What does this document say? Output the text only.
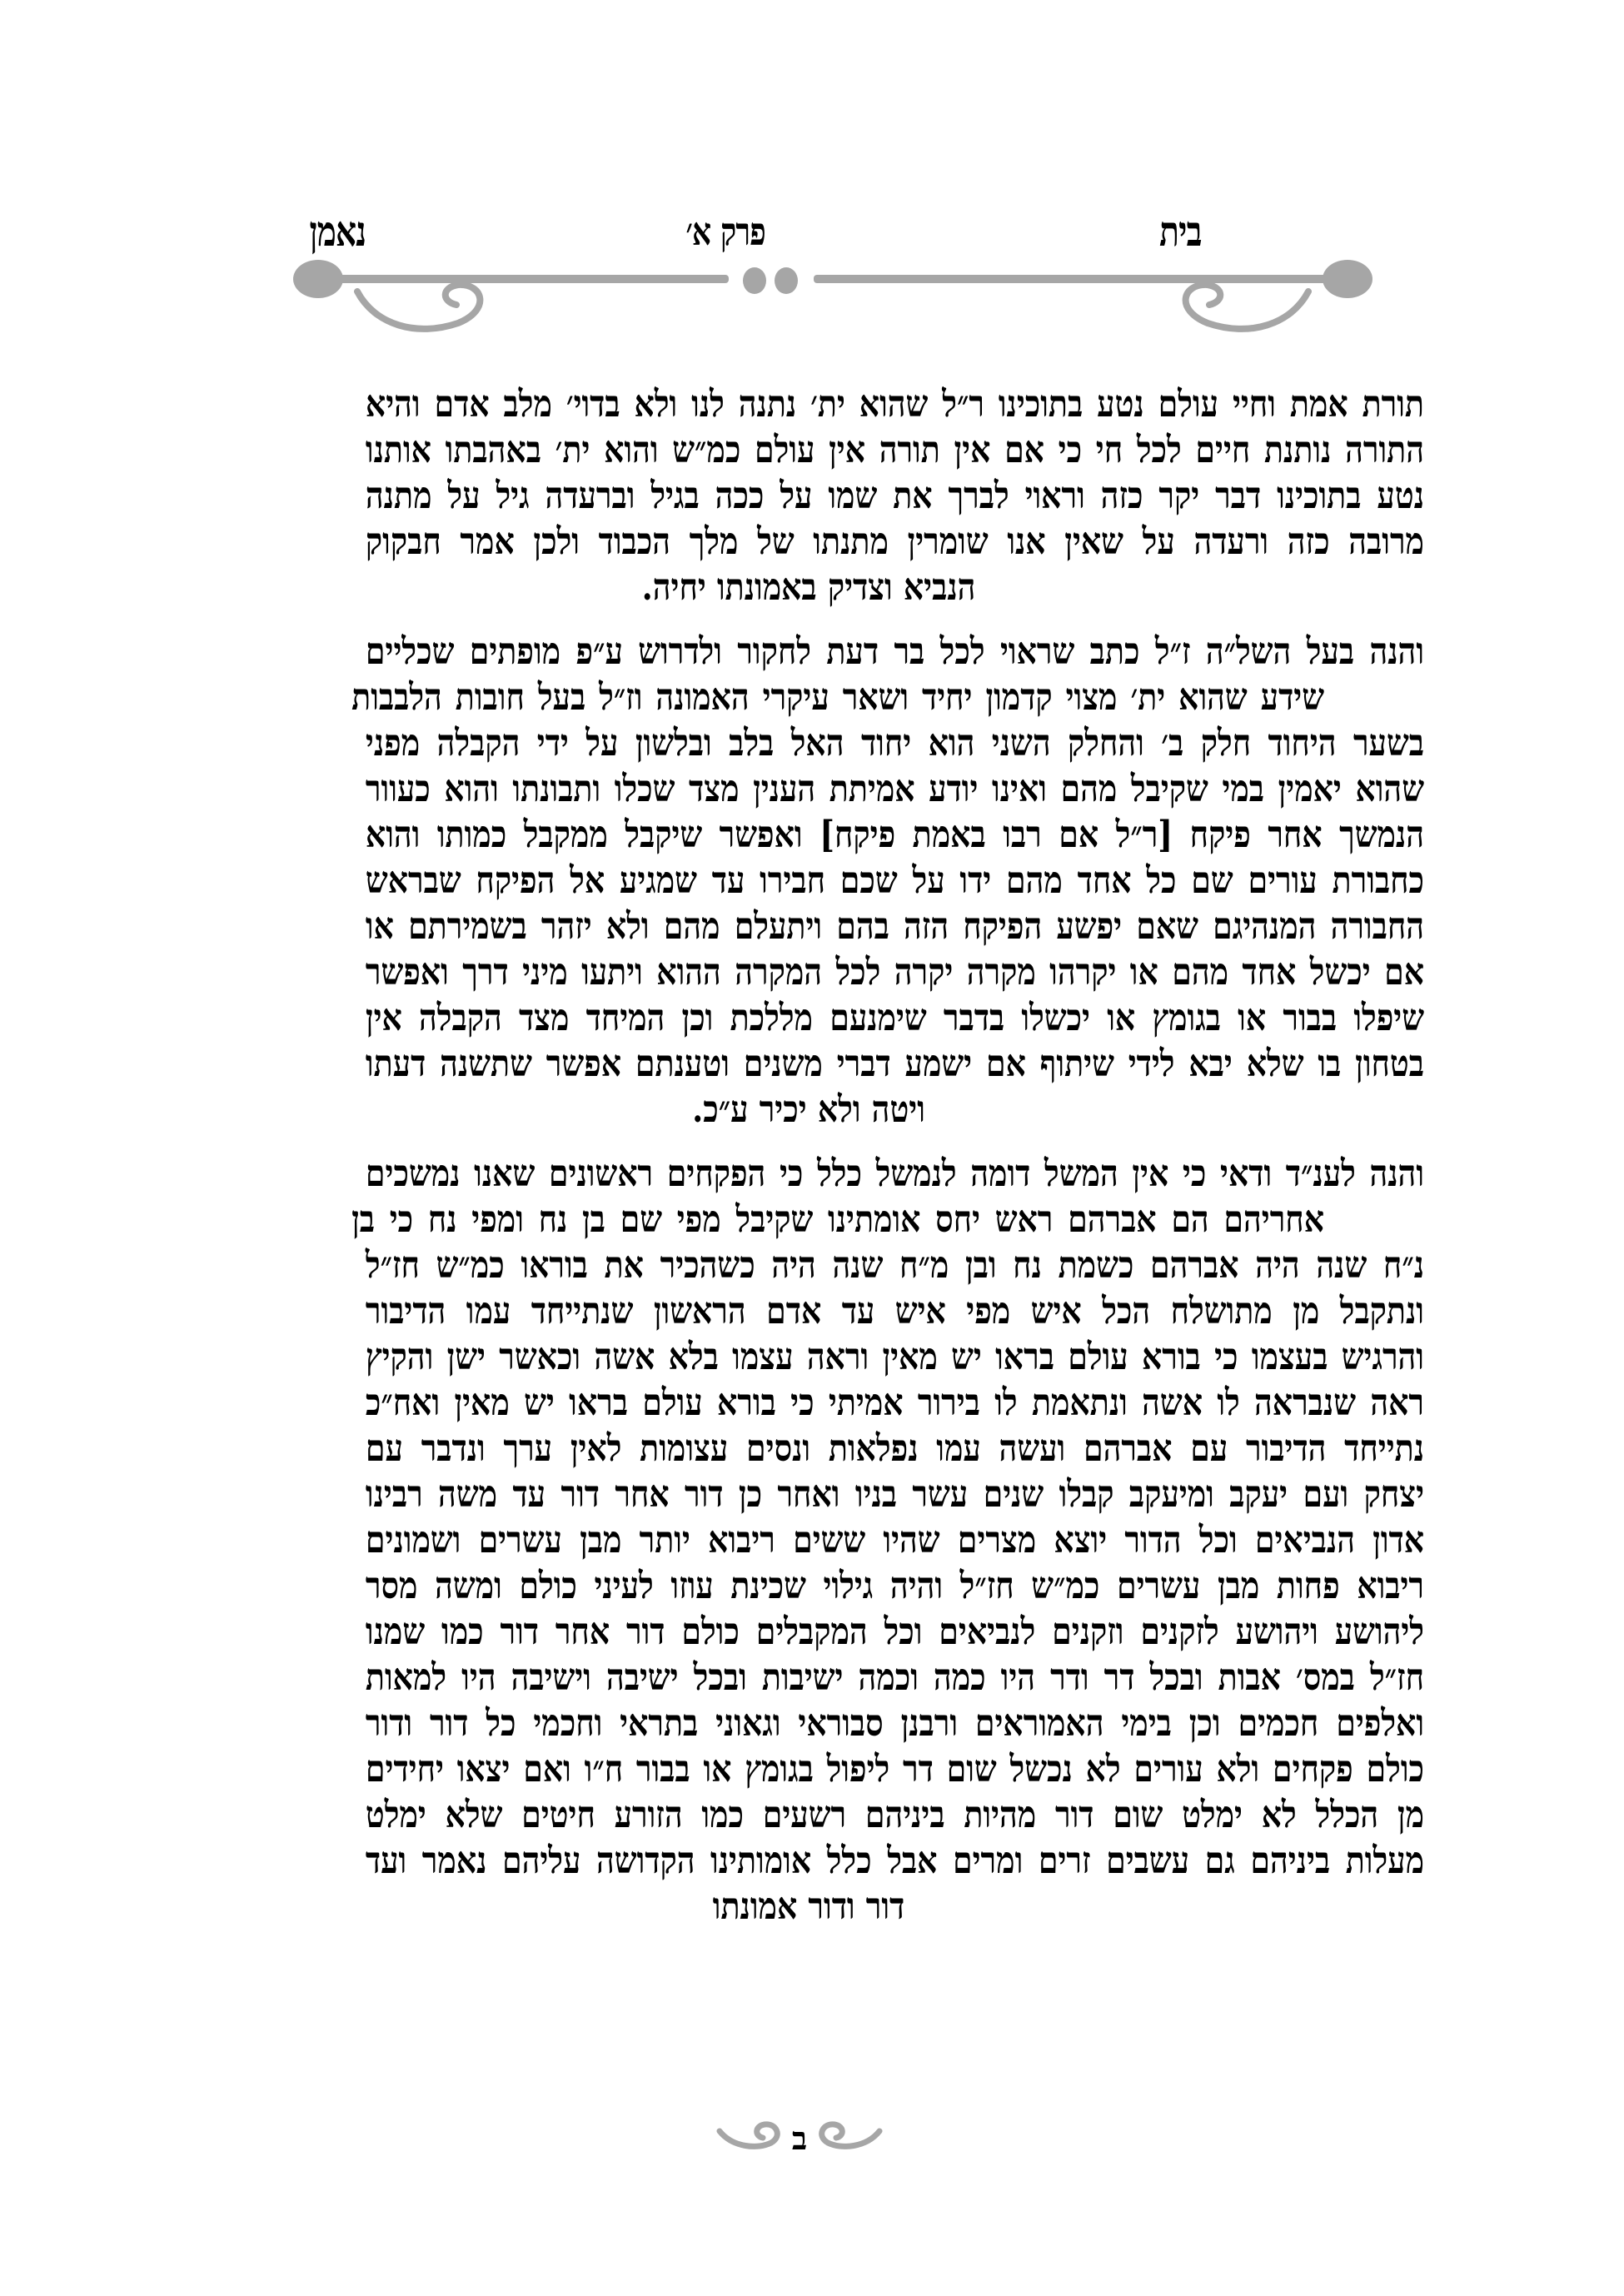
בית
פרק א׳
נאמן
תורת אמת וחיי עולם נטע בתוכינו ר״ל שהוא ית׳ נתנה לנו ולא בדוי׳ מלב אדם והיא
התורה נותנת חיים לכל חי כי אם אין תורה אין עולם כמ״ש והוא ית׳ באהבתו אותנו
נטע בתוכינו דבר יקר כזה וראוי לברך את שמו על ככה בגיל וברעדה גיל על מתנה
מרובה כזה ורעדה על שאין אנו שומרין מתנתו של מלך הכבוד ולכן אמר חבקוק
הנביא וצדיק באמונתו יחיה.
והנה בעל השל״ה ז״ל כתב שראוי לכל בר דעת לחקור ולדרוש ע״פ מופתים שכליים
שידע שהוא ית׳ מצוי קדמון יחיד ושאר עיקרי האמונה וז״ל בעל חובות הלבבות
בשער היחוד חלק ב׳ והחלק השני הוא יחוד האל בלב ובלשון על ידי הקבלה מפני
שהוא יאמין במי שקיבל מהם ואינו יודע אמיתת הענין מצד שכלו ותבונתו והוא כעוור
הנמשך אחר פיקח [ר״ל אם רבו באמת פיקח] ואפשר שיקבל ממקבל כמותו והוא
כחבורת עורים שם כל אחד מהם ידו על שכם חבירו עד שמגיע אל הפיקח שבראש
החבורה המנהיגם שאם יפשע הפיקח הזה בהם ויתעלם מהם ולא יזהר בשמירתם או
אם יכשל אחד מהם או יקרהו מקרה יקרה לכל המקרה ההוא ויתעו מיני דרך ואפשר
שיפלו בבור או בגומץ או יכשלו בדבר שימנעם מללכת וכן המיחד מצד הקבלה אין
בטחון בו שלא יבא לידי שיתוף אם ישמע דברי משנים וטענתם אפשר שתשנה דעתו
ויטה ולא יכיר ע״כ.
והנה לענ״ד ודאי כי אין המשל דומה לנמשל כלל כי הפקחים ראשונים שאנו נמשכים
אחריהם הם אברהם ראש יחס אומתינו שקיבל מפי שם בן נח ומפי נח כי בן
נ״ח שנה היה אברהם כשמת נח ובן מ״ח שנה היה כשהכיר את בוראו כמ״ש חז״ל
ונתקבל מן מתושלח הכל איש מפי איש עד אדם הראשון שנתייחד עמו הדיבור
והרגיש בעצמו כי בורא עולם בראו יש מאין וראה עצמו בלא אשה וכאשר ישן והקיץ
ראה שנבראה לו אשה ונתאמת לו בירור אמיתי כי בורא עולם בראו יש מאין ואח״כ
נתייחד הדיבור עם אברהם ועשה עמו נפלאות ונסים עצומות לאין ערך ונדבר עם
יצחק ועם יעקב ומיעקב קבלו שנים עשר בניו ואחר כן דור אחר דור עד משה רבינו
אדון הנביאים וכל הדור יוצא מצרים שהיו ששים ריבוא יותר מבן עשרים ושמונים
ריבוא פחות מבן עשרים כמ״ש חז״ל והיה גילוי שכינת עוזו לעיני כולם ומשה מסר
ליהושע ויהושע לזקנים וזקנים לנביאים וכל המקבלים כולם דור אחר דור כמו שמנו
חז״ל במס׳ אבות ובכל דר ודר היו כמה וכמה ישיבות ובכל ישיבה וישיבה היו למאות
ואלפים חכמים וכן בימי האמוראים ורבנן סבוראי וגאוני בתראי וחכמי כל דור ודור
כולם פקחים ולא עורים לא נכשל שום דר ליפול בגומץ או בבור ח״ו ואם יצאו יחידים
מן הכלל לא ימלט שום דור מהיות ביניהם רשעים כמו הזורע חיטים שלא ימלט
מעלות ביניהם גם עשבים זרים ומרים אבל כלל אומותינו הקדושה עליהם נאמר ועד
דור ודור אמונתו
ב
